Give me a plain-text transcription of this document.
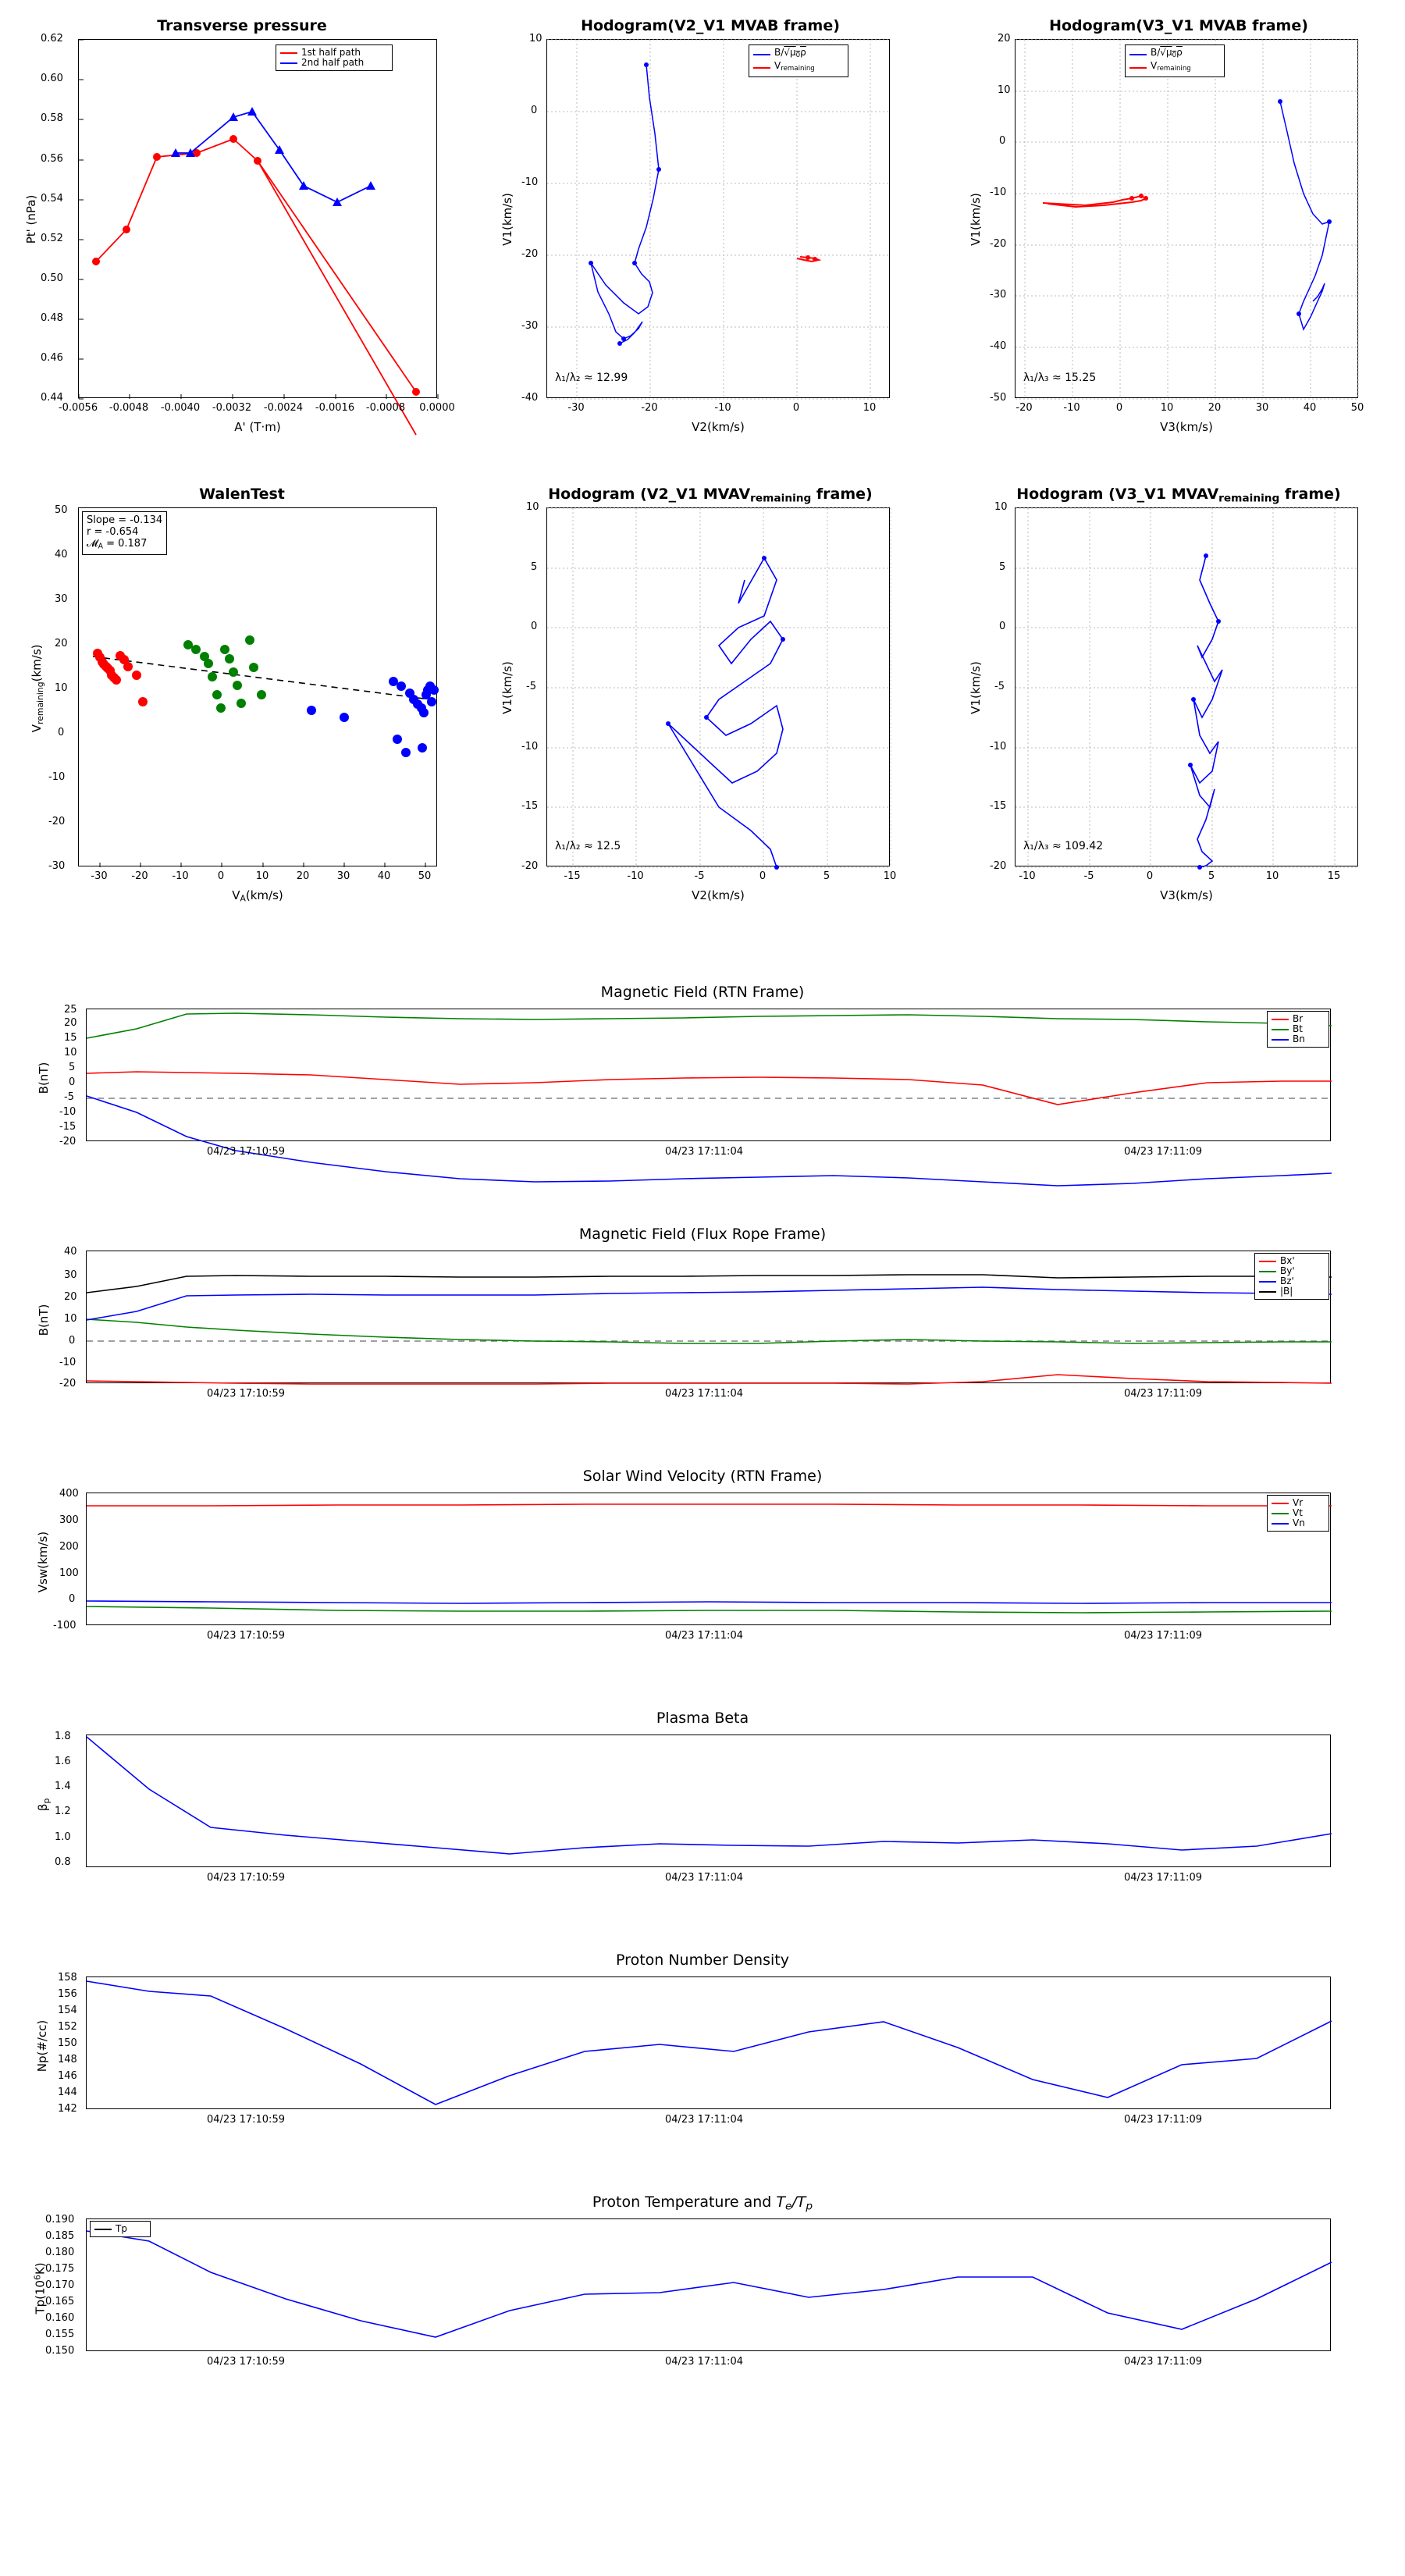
Transverse pressure
1st half path
2nd half path
Pt' (nPa)
A' (T·m)
0.44
0.46
0.48
0.50
0.52
0.54
0.56
0.58
0.60
0.62
-0.0056	-0.0048	-0.0040	-0.0032	-0.0024	-0.0016	-0.0008	0.0000
Hodogram(V2_V1 MVAB frame)
$B/√\mu_0\rho$
$V_{remaining}$
λ₁/λ₂ ≈ 12.99
V1(km/s)
V2(km/s)
-40
-30
-20
-10
0
10
-30	-20	-10	0	10
Hodogram(V3_V1 MVAB frame)
$B/√\mu_0\rho$
$V_{remaining}$
λ₁/λ₃ ≈ 15.25
V1(km/s)
V3(km/s)
-50
-40
-30
-20
-10
0
10
20
-20	-10	0	10	20	30	40	50
WalenTest
Slope = -0.134
r = -0.654
𝓜$_A$ = 0.187
$V_{remaining}(km/s)$
$V_A(km/s)$
-30
-20
-10
0
10
20
30
40
50
-30	-20	-10	0	10	20	30	40	50
Hodogram (V2_V1 $MVAV_{remaining}$ frame)
λ₁/λ₂ ≈ 12.5
V1(km/s)
V2(km/s)
-20
-15
-10
-5
0
5
10
-15	-10	-5	0	5	10
Hodogram (V3_V1 $MVAV_{remaining}$ frame)
λ₁/λ₃ ≈ 109.42
V1(km/s)
V3(km/s)
-20
-15
-10
-5
0
5
10
-10	-5	0	5	10	15
Magnetic Field (RTN Frame)
Br
Bt
Bn
B(nT)
-20
-15
-10
-5
0
5
10
15
20
25
04/23 17:10:59	04/23 17:11:04	04/23 17:11:09
Magnetic Field (Flux Rope Frame)
Bx'
By'
Bz'
|B|
B(nT)
-20
-10
0
10
20
30
40
04/23 17:10:59	04/23 17:11:04	04/23 17:11:09
Solar Wind Velocity (RTN Frame)
Vr
Vt
Vn
Vsw(km/s)
-100
0
100
200
300
400
04/23 17:10:59	04/23 17:11:04	04/23 17:11:09
Plasma Beta
$\beta_p$
0.8
1.0
1.2
1.4
1.6
1.8
04/23 17:10:59	04/23 17:11:04	04/23 17:11:09
Proton Number Density
Np(#/cc)
142
144
146
148
150
152
154
156
158
04/23 17:10:59	04/23 17:11:04	04/23 17:11:09
Proton Temperature and $T_e/T_p$
Tp
$Tp(10^6K)$
0.150
0.155
0.160
0.165
0.170
0.175
0.180
0.185
0.190
04/23 17:10:59	04/23 17:11:04	04/23 17:11:09
